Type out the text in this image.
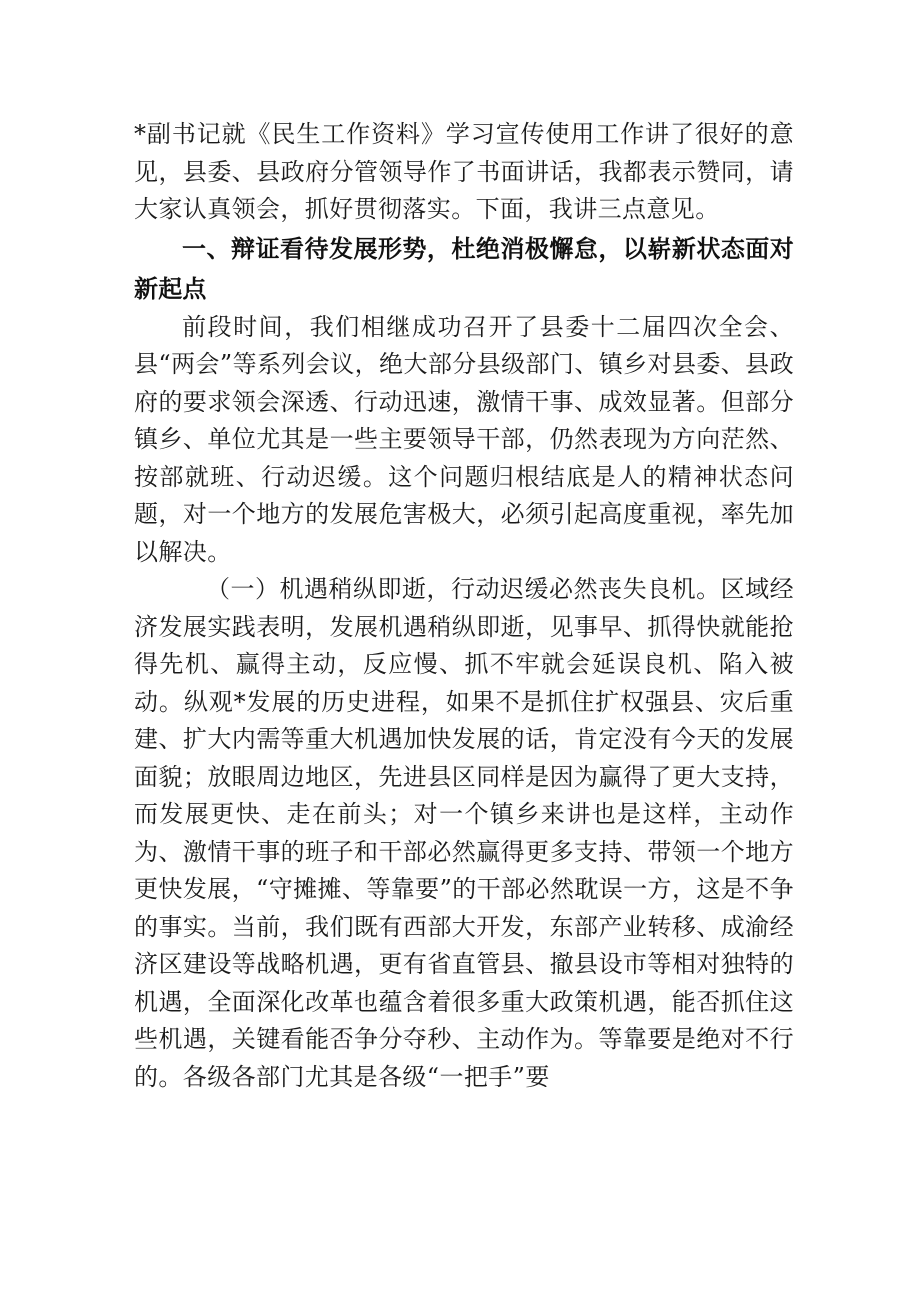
*副书记就《民生工作资料》学习宣传使用工作讲了很好的意见，县委、县政府分管领导作了书面讲话，我都表示赞同，请大家认真领会，抓好贯彻落实。下面，我讲三点意见。

一、辩证看待发展形势，杜绝消极懈怠，以崭新状态面对新起点

前段时间，我们相继成功召开了县委十二届四次全会、县“两会”等系列会议，绝大部分县级部门、镇乡对县委、县政府的要求领会深透、行动迅速，激情干事、成效显著。但部分镇乡、单位尤其是一些主要领导干部，仍然表现为方向茫然、按部就班、行动迟缓。这个问题归根结底是人的精神状态问题，对一个地方的发展危害极大，必须引起高度重视，率先加以解决。

（一）机遇稍纵即逝，行动迟缓必然丧失良机。区域经济发展实践表明，发展机遇稍纵即逝，见事早、抓得快就能抢得先机、赢得主动，反应慢、抓不牢就会延误良机、陷入被动。纵观*发展的历史进程，如果不是抓住扩权强县、灾后重建、扩大内需等重大机遇加快发展的话，肯定没有今天的发展面貌；放眼周边地区，先进县区同样是因为赢得了更大支持，而发展更快、走在前头；对一个镇乡来讲也是这样，主动作为、激情干事的班子和干部必然赢得更多支持、带领一个地方更快发展，“守摊摊、等靠要”的干部必然耽误一方，这是不争的事实。当前，我们既有西部大开发，东部产业转移、成渝经济区建设等战略机遇，更有省直管县、撤县设市等相对独特的机遇，全面深化改革也蕴含着很多重大政策机遇，能否抓住这些机遇，关键看能否争分夺秒、主动作为。等靠要是绝对不行的。各级各部门尤其是各级“一把手”要
